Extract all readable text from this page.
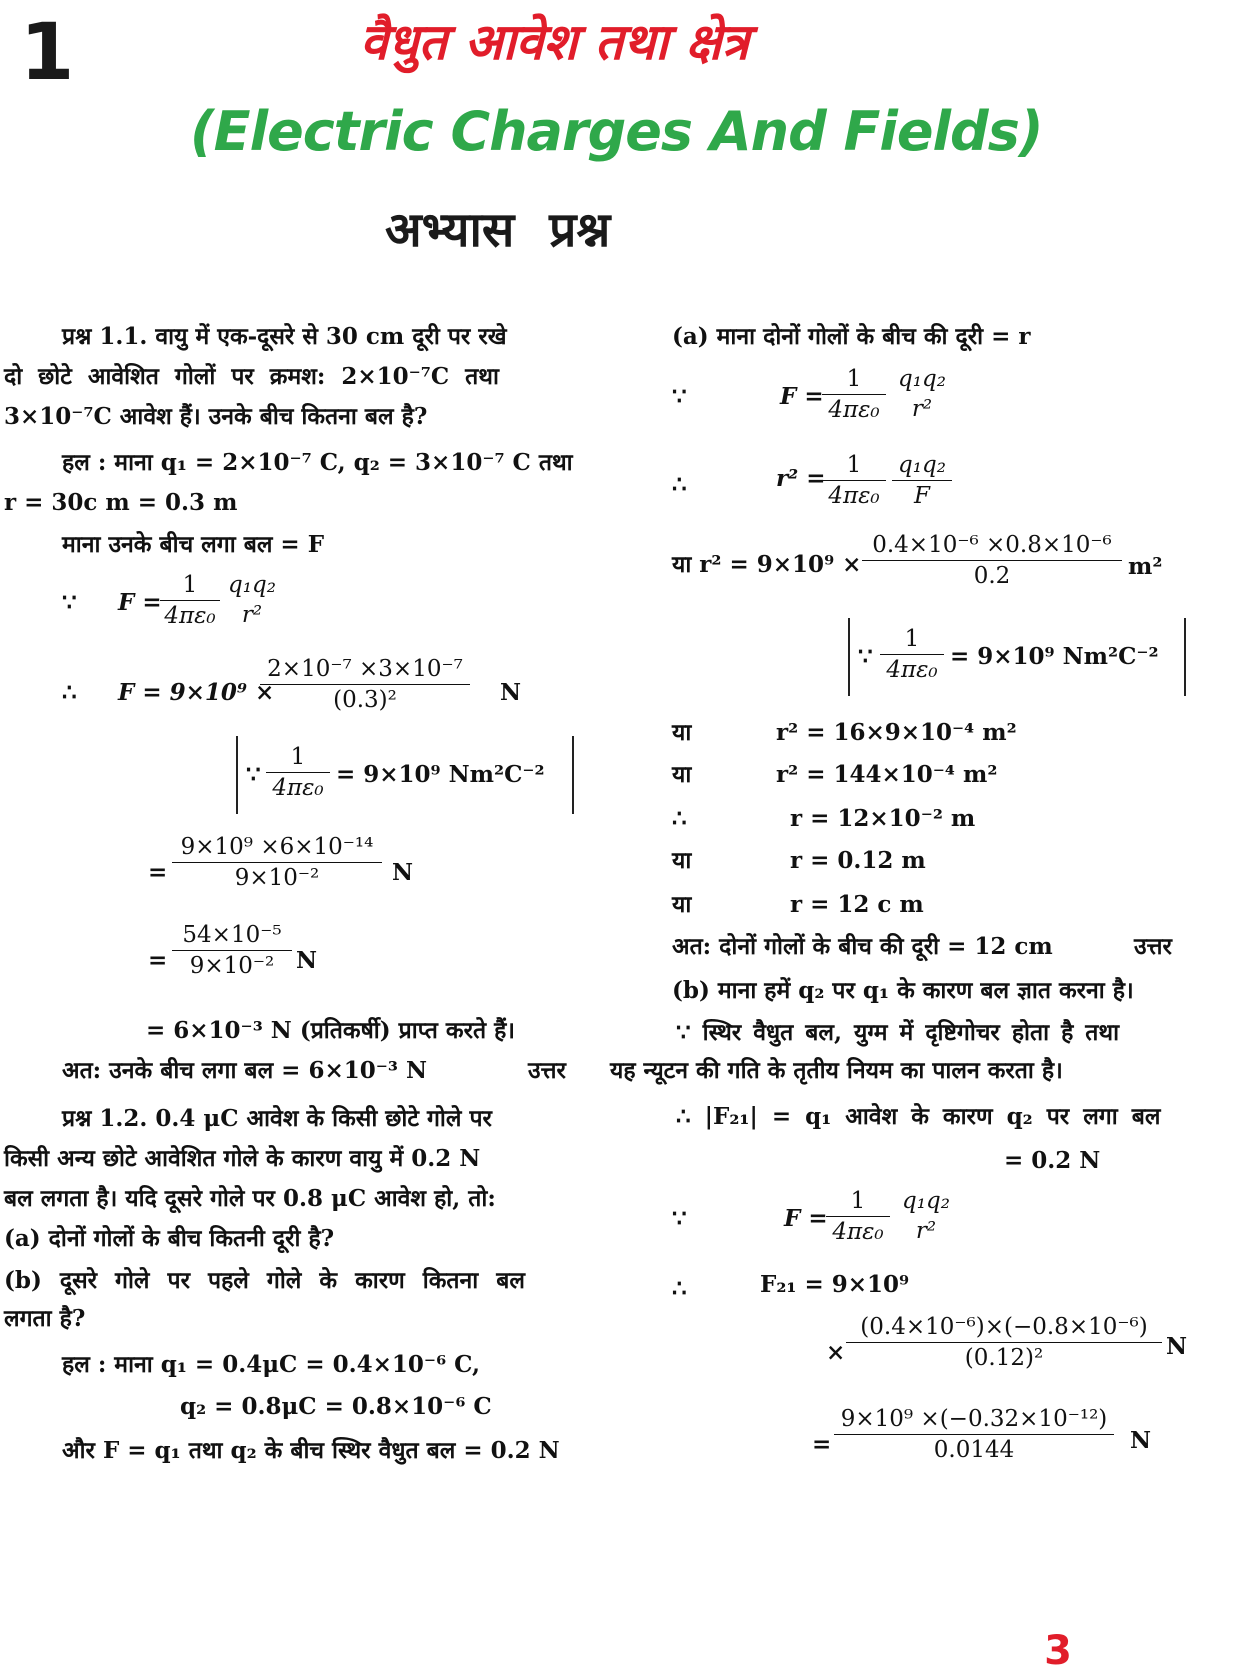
1	वैधुत आवेश तथा क्षेत्र
(Electric Charges And Fields)
अभ्यास प्रश्न
प्रश्न 1.1. वायु में एक-दूसरे से 30 cm दूरी पर रखे
दो छोटे आवेशित गोलों पर क्रमश: 2×10⁻⁷C तथा
3×10⁻⁷C आवेश हैं। उनके बीच कितना बल है?
हल : माना q₁ = 2×10⁻⁷ C, q₂ = 3×10⁻⁷ C तथा
r = 30c m = 0.3 m
माना उनके बीच लगा बल = F
∵ F =
$\frac{1}{\text{4πε₀}} q_1q_2$
r²
∴ F = 9×10⁹ ×
$\frac{\text{2×10⁻⁷ ×3×10⁻⁷}}{\text{(0.3)²}}$ N
∵ $\frac{1}{\text{4πε₀}} = 9\times 10^9$ Nm²C⁻²
= $\frac{\text{9×10⁹ ×6×10⁻¹⁴}}{\text{9×10⁻²}}$ N
= $\frac{\text{54×10⁻⁵}}{\text{9×10⁻²}}$ N
= 6×10⁻³ N (प्रतिकर्षी) प्राप्त करते हैं।
अत: उनके बीच लगा बल = 6×10⁻³ N	उत्तर
प्रश्न 1.2. 0.4 μC आवेश के किसी छोटे गोले पर
किसी अन्य छोटे आवेशित गोले के कारण वायु में 0.2 N
बल लगता है। यदि दूसरे गोले पर 0.8 μC आवेश हो, तो:
(a) दोनों गोलों के बीच कितनी दूरी है?
(b) दूसरे गोले पर पहले गोले के कारण कितना बल
लगता है?
हल : माना q₁ = 0.4μC = 0.4×10⁻⁶ C,
q₂ = 0.8μC = 0.8×10⁻⁶ C
और F = q₁ तथा q₂ के बीच स्थिर वैधुत बल = 0.2 N
(a) माना दोनों गोलों के बीच की दूरी = r
∵	F =
$\frac{1}{\text{4πε₀}} q_1q_2$
r²
∴	r² =
$\frac{1}{\text{4πε₀}} \frac{\text{q₁q₂}}{F}$
या $r^2 = 9\times 10^9 \times \frac{\text{0.4×10⁻⁶ ×0.8×10⁻⁶}}{0.2} m^2$
∵ $\frac{1}{\text{4πε₀}} = 9\times 10^9$ Nm²C⁻²
या	r² = 16×9×10⁻⁴ m²
या	r² = 144×10⁻⁴ m²
∴	r = 12×10⁻² m
या	r = 0.12 m
या	r = 12 c m
अत: दोनों गोलों के बीच की दूरी = 12 cm	उत्तर
(b) माना हमें q₂ पर q₁ के कारण बल ज्ञात करना है।
∵ स्थिर वैधुत बल, युग्म में दृष्टिगोचर होता है तथा
यह न्यूटन की गति के तृतीय नियम का पालन करता है।
∴ |F₂₁| = q₁ आवेश के कारण q₂ पर लगा बल
= 0.2 N
∵	F =
$\frac{1}{\text{4πε₀}} q_1q_2$
r²
∴	F₂₁ = 9×10⁹
× $\frac{\text{(0.4×10⁻⁶)×(−0.8×10⁻⁶)}}{\text{(0.12)²}}$ N
= $\frac{\text{9×10⁹ ×(−0.32×10⁻¹²)}}{0.0144}$ N
3
